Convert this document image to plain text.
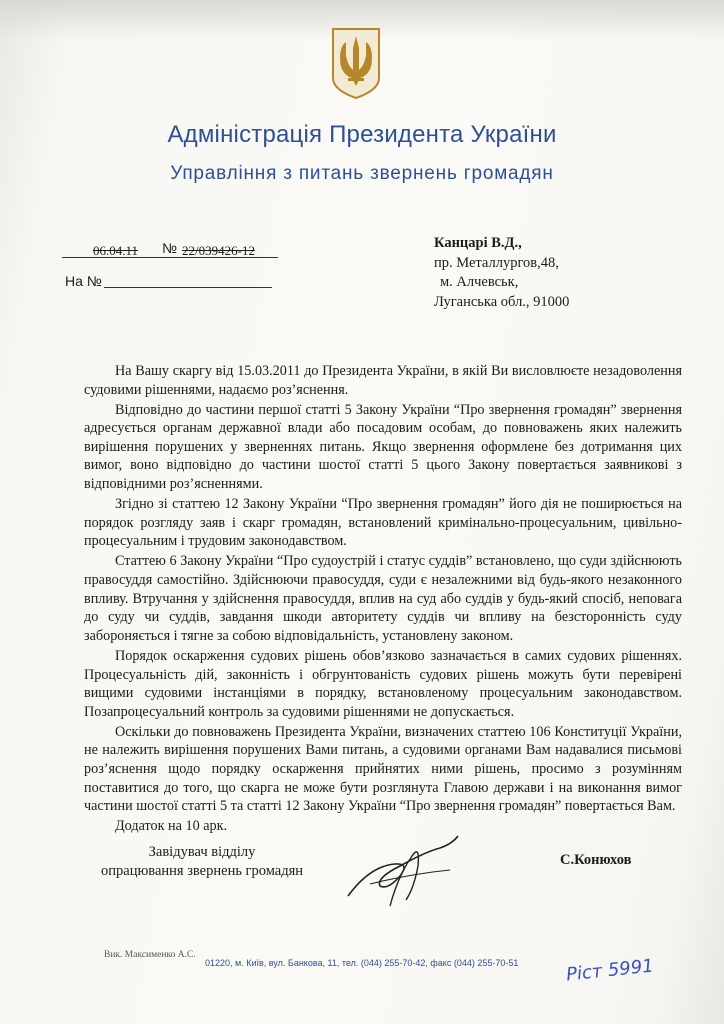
Адміністрація Президента України
Управління з питань звернень громадян
06.04.11 № 22/039426-12
На №
Канцарі В.Д.,
пр. Металлургов,48,
м. Алчевськ,
Луганська обл., 91000

На Вашу скаргу від 15.03.2011 до Президента України, в якій Ви висловлюєте незадоволення судовими рішеннями, надаємо роз’яснення.

Відповідно до частини першої статті 5 Закону України “Про звернення громадян” звернення адресується органам державної влади або посадовим особам, до повноважень яких належить вирішення порушених у зверненнях питань. Якщо звернення оформлене без дотримання цих вимог, воно відповідно до частини шостої статті 5 цього Закону повертається заявникові з відповідними роз’ясненнями.

Згідно зі статтею 12 Закону України “Про звернення громадян” його дія не поширюється на порядок розгляду заяв і скарг громадян, встановлений кримінально-процесуальним, цивільно-процесуальним і трудовим законодавством.

Статтею 6 Закону України “Про судоустрій і статус суддів” встановлено, що суди здійснюють правосуддя самостійно. Здійснюючи правосуддя, суди є незалежними від будь-якого незаконного впливу. Втручання у здійснення правосуддя, вплив на суд або суддів у будь-який спосіб, неповага до суду чи суддів, завдання шкоди авторитету суддів чи впливу на безсторонність суду забороняється і тягне за собою відповідальність, установлену законом.

Порядок оскарження судових рішень обов’язково зазначається в самих судових рішеннях. Процесуальність дій, законність і обгрунтованість судових рішень можуть бути перевірені вищими судовими інстанціями в порядку, встановленому процесуальним законодавством. Позапроцесуальний контроль за судовими рішеннями не допускається.

Оскільки до повноважень Президента України, визначених статтею 106 Конституції України, не належить вирішення порушених Вами питань, а судовими органами Вам надавалися письмові роз’яснення щодо порядку оскарження прийнятих ними рішень, просимо з розумінням поставитися до того, що скарга не може бути розглянута Главою держави і на виконання вимог частини шостої статті 5 та статті 12 Закону України “Про звернення громадян” повертається Вам.

Додаток на 10 арк.

Завідувач відділу
опрацювання звернень громадян
С.Конюхов
Вик. Максименко А.С.
01220, м. Київ, вул. Банкова, 11, тел. (044) 255-70-42, факс (044) 255-70-51	Ріст 5991
